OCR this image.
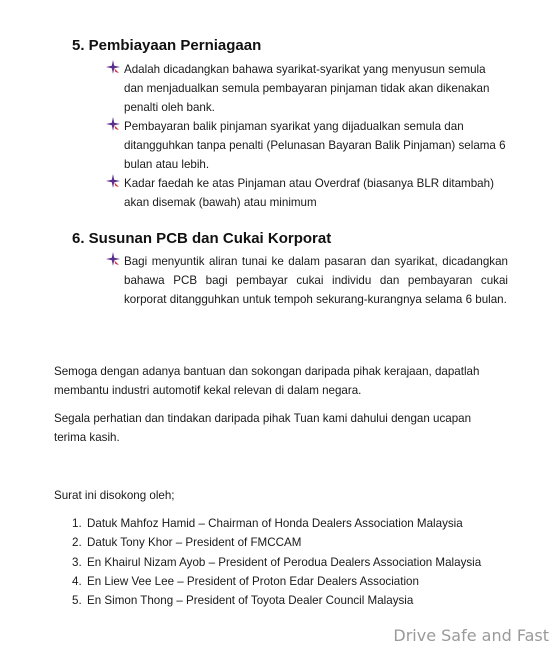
5. Pembiayaan Perniagaan
Adalah dicadangkan bahawa syarikat-syarikat yang menyusun semula dan menjadualkan semula pembayaran pinjaman tidak akan dikenakan penalti oleh bank.
Pembayaran balik pinjaman syarikat yang dijadualkan semula dan ditangguhkan tanpa penalti (Pelunasan Bayaran Balik Pinjaman) selama 6 bulan atau lebih.
Kadar faedah ke atas Pinjaman atau Overdraf (biasanya BLR ditambah) akan disemak (bawah) atau minimum
6. Susunan PCB dan Cukai Korporat
Bagi menyuntik aliran tunai ke dalam pasaran dan syarikat, dicadangkan bahawa PCB bagi pembayar cukai individu dan pembayaran cukai korporat ditangguhkan untuk tempoh sekurang-kurangnya selama 6 bulan.
Semoga dengan adanya bantuan dan sokongan daripada pihak kerajaan, dapatlah membantu industri automotif kekal relevan di dalam negara.
Segala perhatian dan tindakan daripada pihak Tuan kami dahului dengan ucapan terima kasih.
Surat ini disokong oleh;
1. Datuk Mahfoz Hamid – Chairman of Honda Dealers Association Malaysia
2. Datuk Tony Khor – President of FMCCAM
3. En Khairul Nizam Ayob – President of Perodua Dealers Association Malaysia
4. En Liew Vee Lee – President of Proton Edar Dealers Association
5. En Simon Thong – President of Toyota Dealer Council Malaysia
Drive Safe and Fast
